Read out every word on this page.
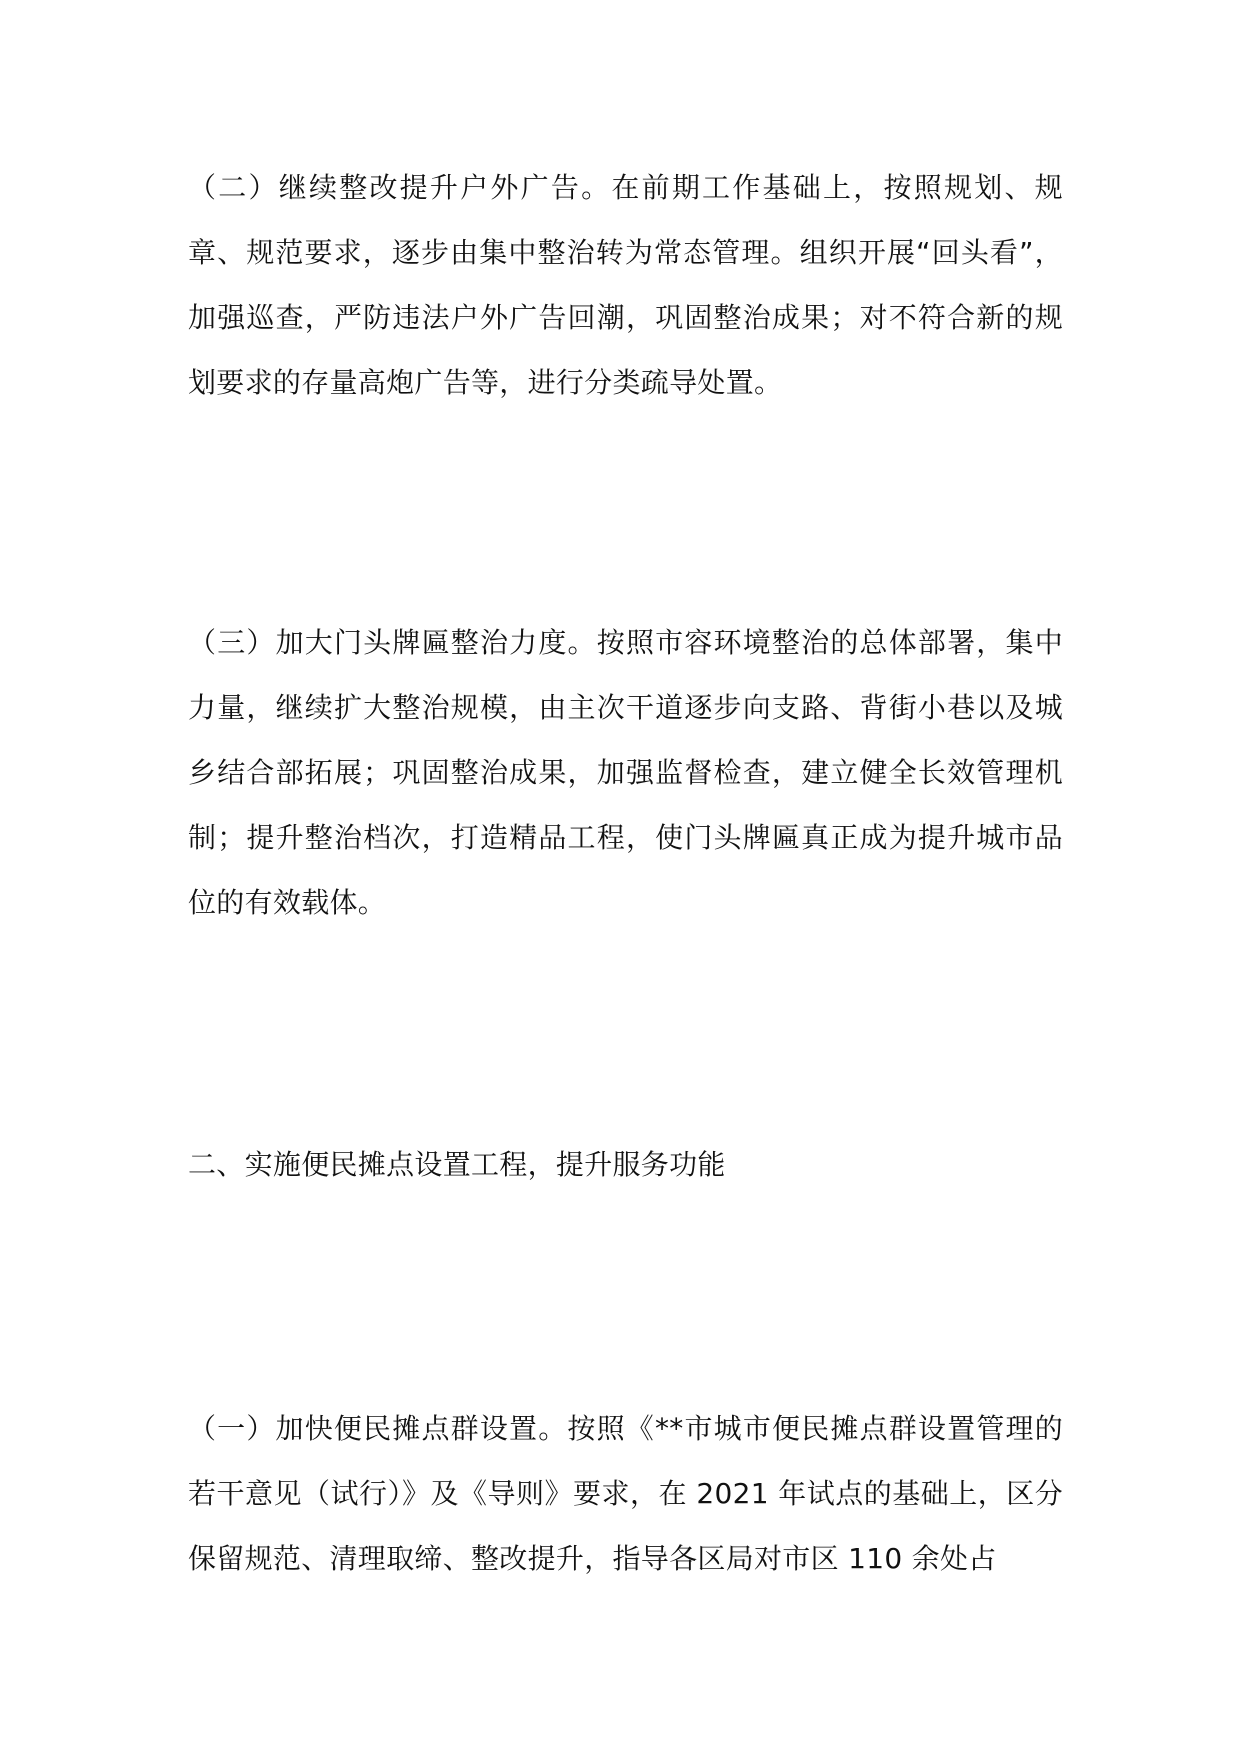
（二）继续整改提升户外广告。在前期工作基础上，按照规划、规章、规范要求，逐步由集中整治转为常态管理。组织开展“回头看”，加强巡查，严防违法户外广告回潮，巩固整治成果；对不符合新的规划要求的存量高炮广告等，进行分类疏导处置。

（三）加大门头牌匾整治力度。按照市容环境整治的总体部署，集中力量，继续扩大整治规模，由主次干道逐步向支路、背街小巷以及城乡结合部拓展；巩固整治成果，加强监督检查，建立健全长效管理机制；提升整治档次，打造精品工程，使门头牌匾真正成为提升城市品位的有效载体。

二、实施便民摊点设置工程，提升服务功能

（一）加快便民摊点群设置。按照《**市城市便民摊点群设置管理的若干意见（试行）》及《导则》要求，在 2021 年试点的基础上，区分保留规范、清理取缔、整改提升，指导各区局对市区 110 余处占
